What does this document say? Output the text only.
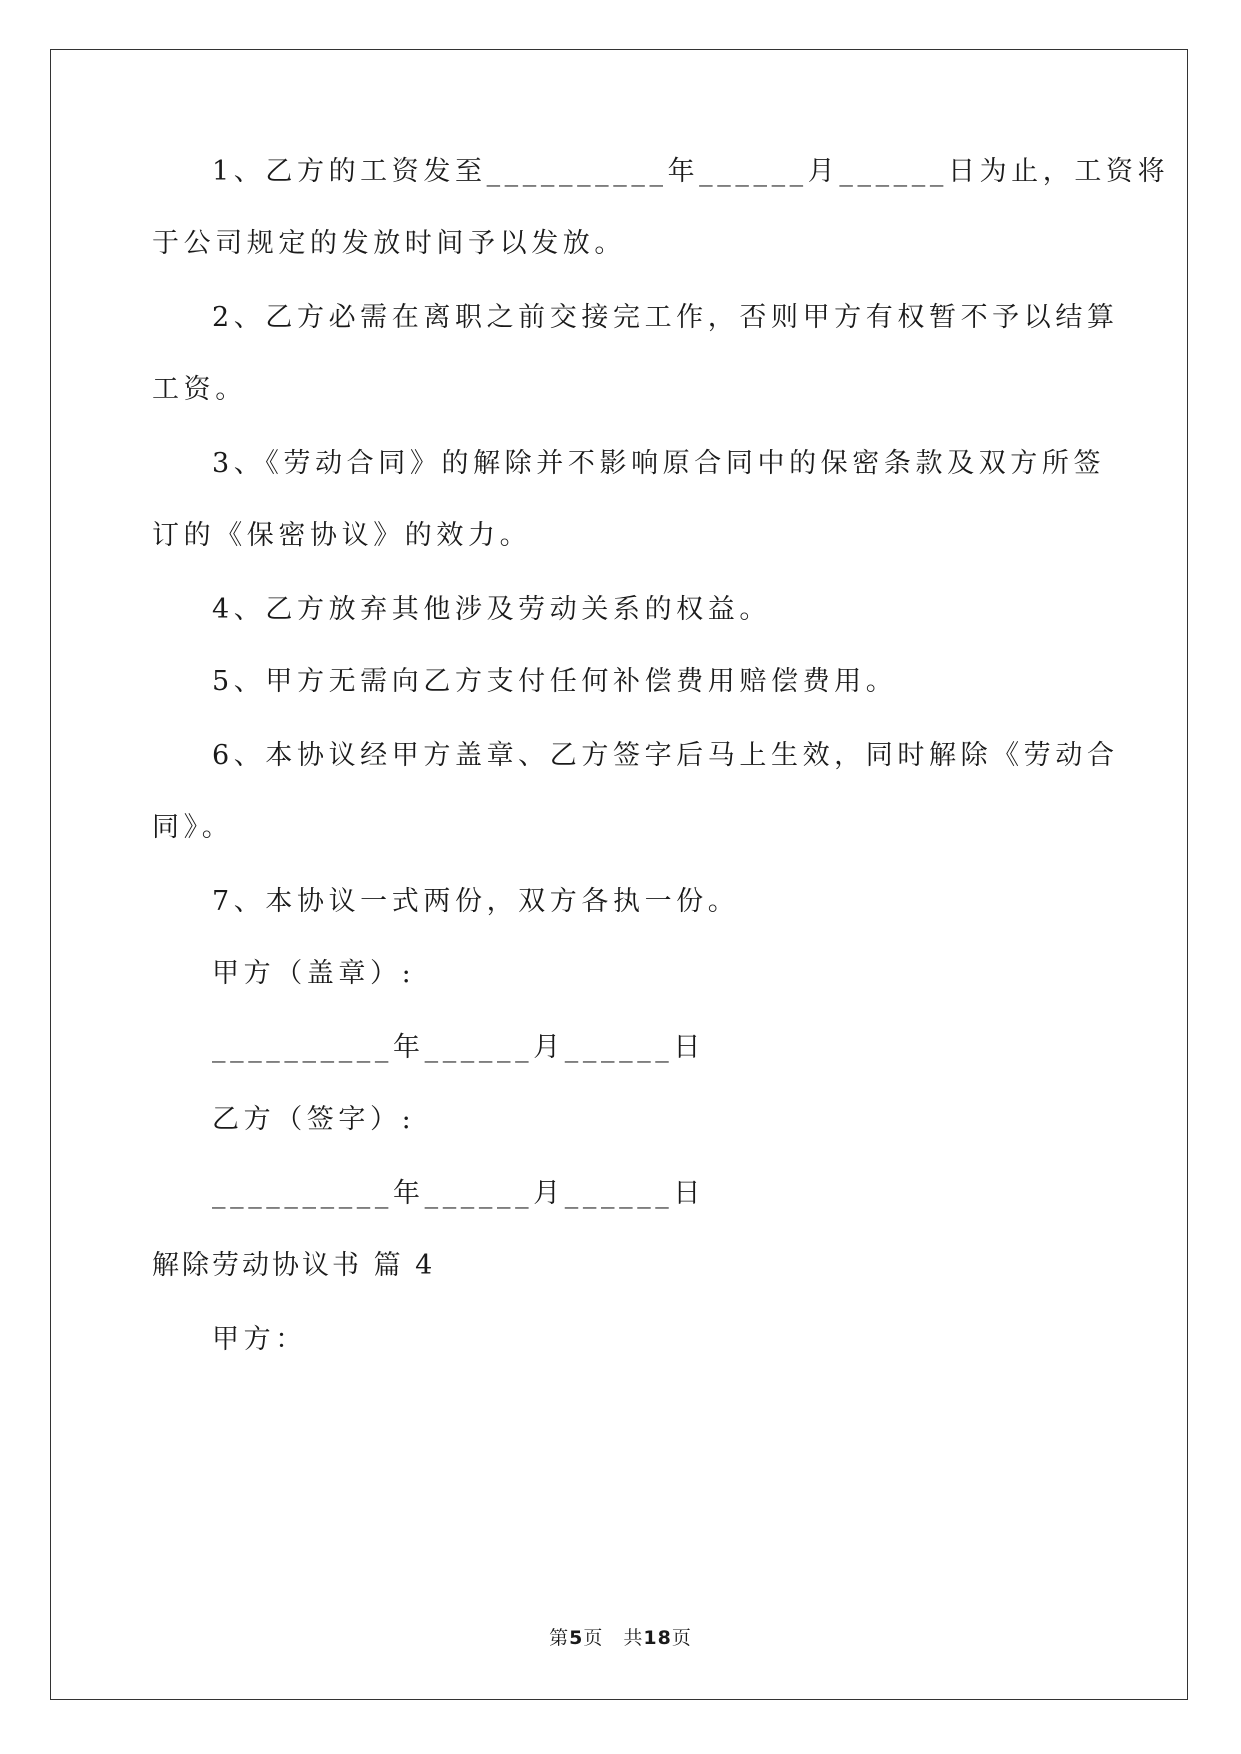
1、乙方的工资发至__________年______月______日为止，工资将
于公司规定的发放时间予以发放。
2、乙方必需在离职之前交接完工作，否则甲方有权暂不予以结算
工资。
3、《劳动合同》的解除并不影响原合同中的保密条款及双方所签
订的《保密协议》的效力。
4、乙方放弃其他涉及劳动关系的权益。
5、甲方无需向乙方支付任何补偿费用赔偿费用。
6、本协议经甲方盖章、乙方签字后马上生效，同时解除《劳动合
同》。
7、本协议一式两份，双方各执一份。
甲方（盖章）:
__________年______月______日
乙方（签字）:
__________年______月______日
解除劳动协议书 篇 4
甲方：
第5页　共18页
